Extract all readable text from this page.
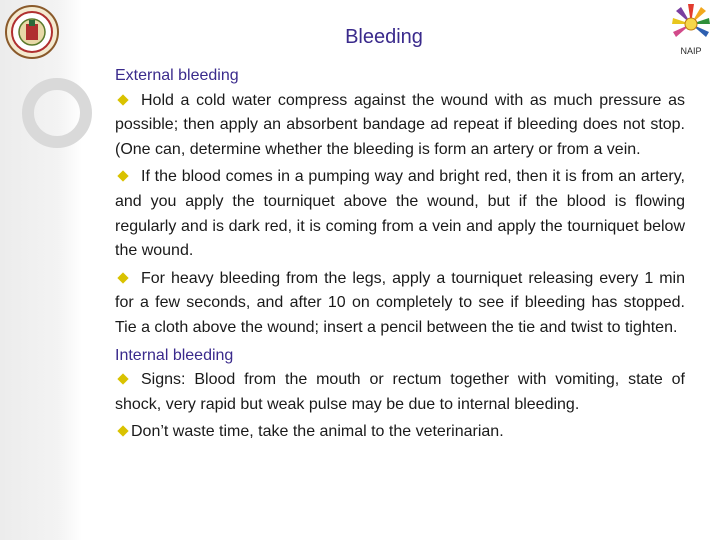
NAIP
Bleeding
External bleeding

Hold a cold water compress against the wound with as much pressure as possible; then apply an absorbent bandage ad repeat if bleeding does not stop. (One can, determine whether the bleeding is form an artery or from a vein.

If the blood comes in a pumping way and bright red, then it is from an artery, and you apply the tourniquet above the wound, but if the blood is flowing regularly and is dark red, it is coming from a vein and apply the tourniquet below the wound.

For heavy bleeding from the legs, apply a tourniquet releasing every 1 min for a few seconds, and after 10 on completely to see if bleeding has stopped. Tie a cloth above the wound; insert a pencil between the tie and twist to tighten.

Internal bleeding

Signs: Blood from the mouth or rectum together with vomiting, state of shock, very rapid but weak pulse may be due to internal bleeding.

Don’t waste time, take the animal to the veterinarian.
